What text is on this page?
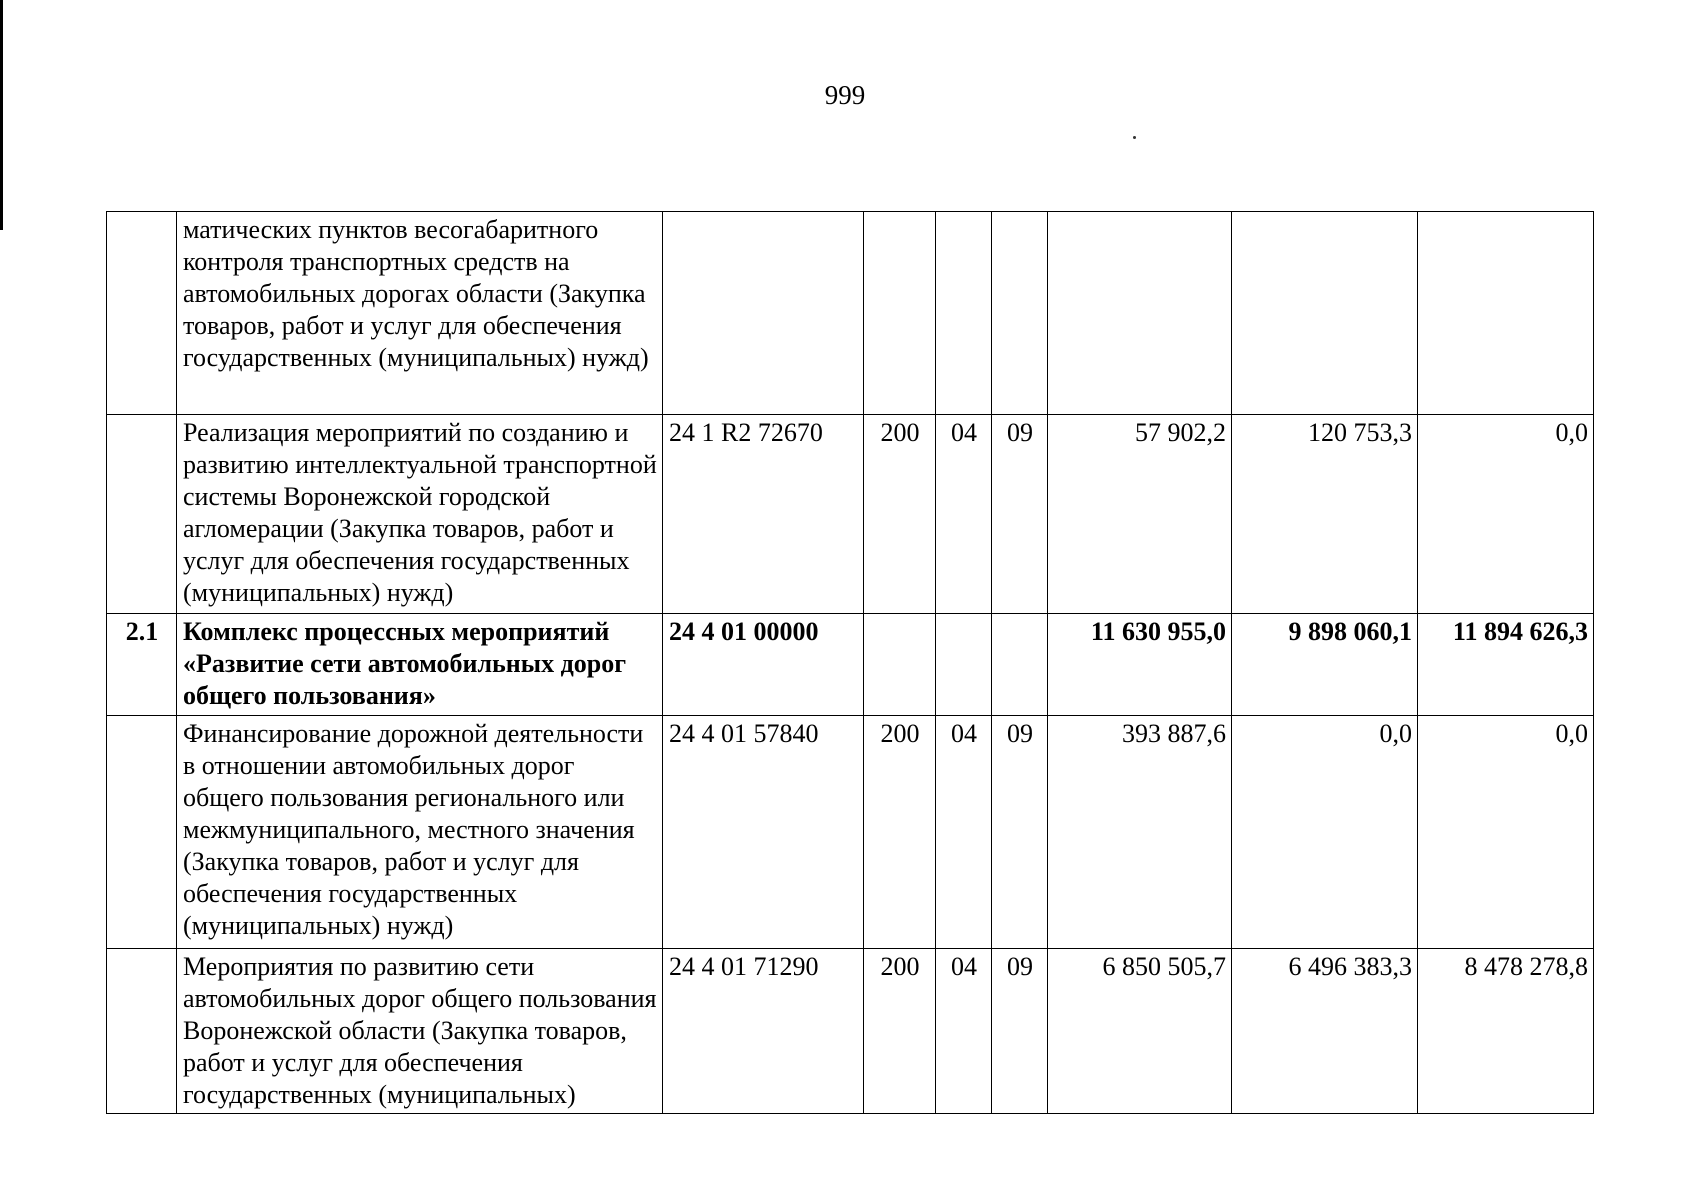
999
	матических пунктов весогабаритного контроля транспортных средств на автомобильных дорогах области (Закупка товаров, работ и услуг для обеспечения государственных (муниципальных) нужд)							
	Реализация мероприятий по созданию и развитию интеллектуальной транспортной системы Воронежской городской агломерации (Закупка товаров, работ и услуг для обеспечения государственных (муниципальных) нужд)	24 1 R2 72670	200	04	09	57 902,2	120 753,3	0,0
2.1	Комплекс процессных мероприятий «Развитие сети автомобильных дорог общего пользования»	24 4 01 00000				11 630 955,0	9 898 060,1	11 894 626,3
	Финансирование дорожной деятельности в отношении автомобильных дорог общего пользования регионального или межмуниципального, местного значения (Закупка товаров, работ и услуг для обеспечения государственных (муниципальных) нужд)	24 4 01 57840	200	04	09	393 887,6	0,0	0,0
	Мероприятия по развитию сети автомобильных дорог общего пользования Воронежской области (Закупка товаров, работ и услуг для обеспечения государственных (муниципальных)	24 4 01 71290	200	04	09	6 850 505,7	6 496 383,3	8 478 278,8
